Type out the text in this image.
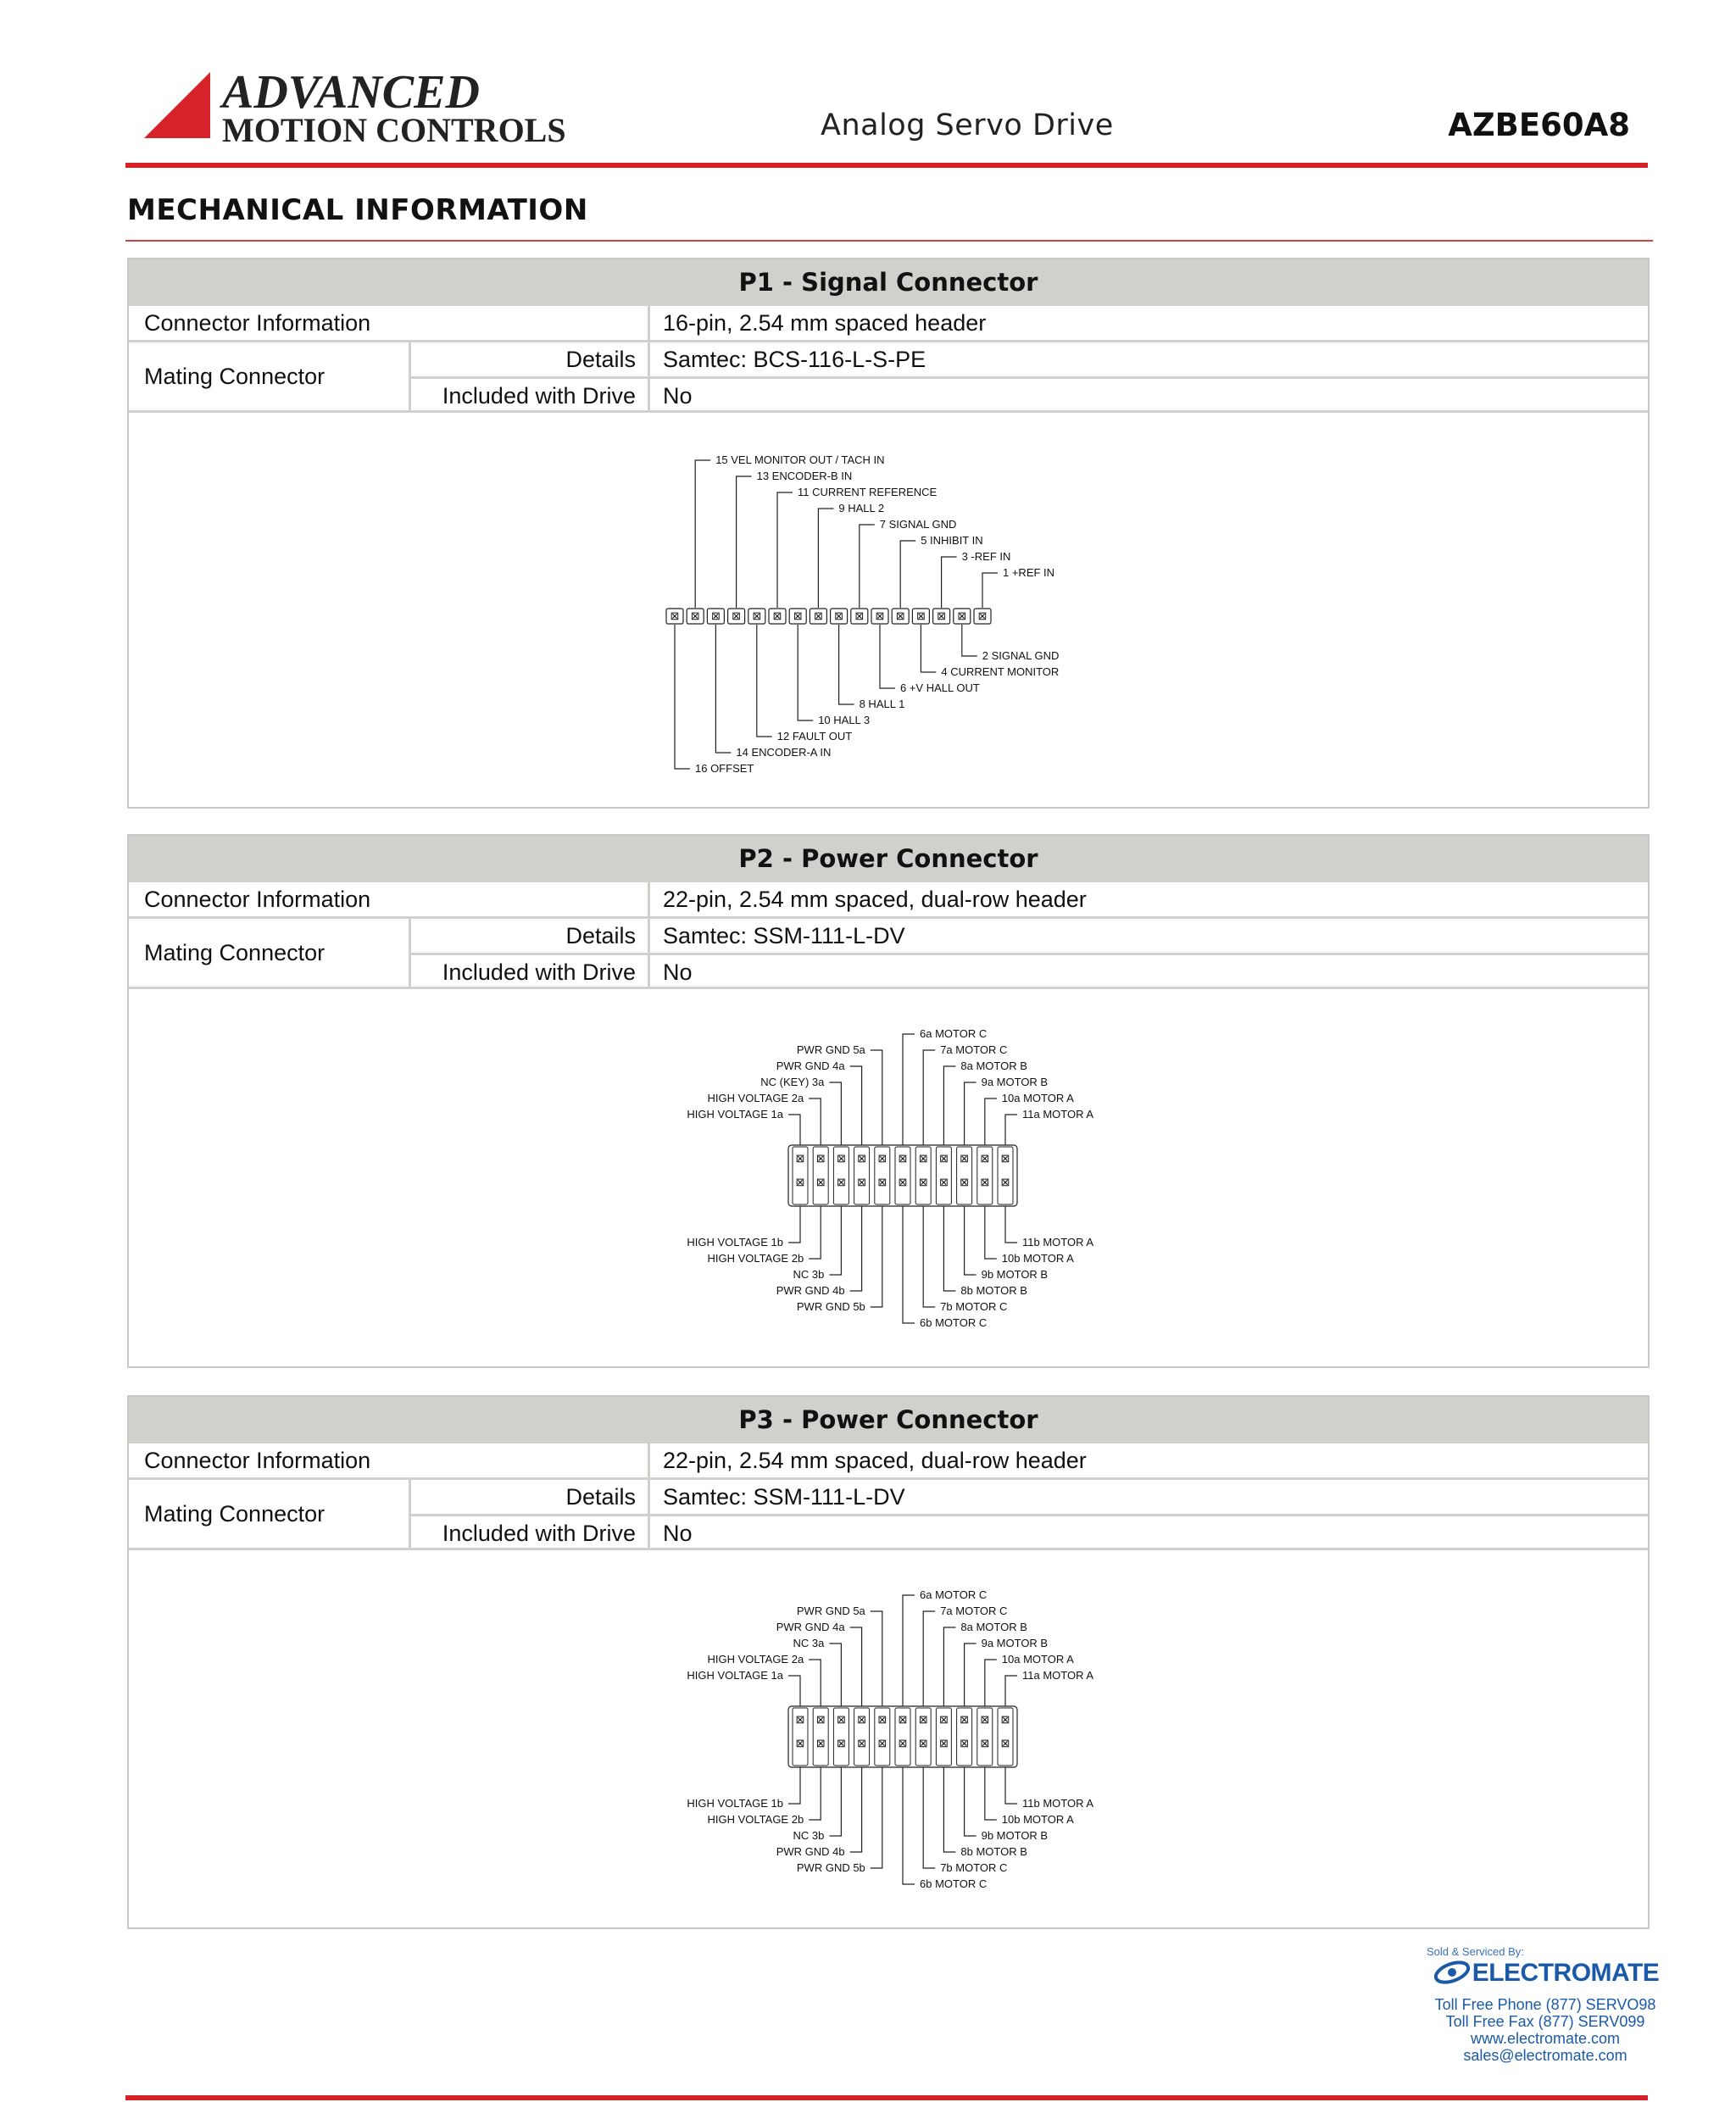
ADVANCED
MOTION CONTROLS	Analog Servo Drive	AZBE60A8
MECHANICAL INFORMATION
P1 - Signal Connector
Connector Information	16-pin, 2.54 mm spaced header
Mating Connector
Details Samtec: BCS-116-L-S-PE
Included with Drive No
⊠ ⊠ ⊠ ⊠ ⊠ ⊠ ⊠ ⊠ ⊠ ⊠ ⊠ ⊠ ⊠ ⊠ ⊠ ⊠
15 VEL MONITOR OUT / TACH IN
13 ENCODER-B IN
11 CURRENT REFERENCE
9 HALL 2
7 SIGNAL GND
5 INHIBIT IN
3 -REF IN
1 +REF IN
16 OFFSET
14 ENCODER-A IN
12 FAULT OUT
10 HALL 3
8 HALL 1
6 +V HALL OUT
4 CURRENT MONITOR
2 SIGNAL GND
P2 - Power Connector
Connector Information	22-pin, 2.54 mm spaced, dual-row header
Mating Connector
Details Samtec: SSM-111-L-DV
Included with Drive No
⊠
⊠
⊠
⊠
⊠
⊠
⊠
⊠
⊠
⊠
⊠
⊠
⊠
⊠
⊠
⊠
⊠
⊠
⊠
⊠
⊠
⊠
PWR GND 5a
PWR GND 4a
NC (KEY) 3a
HIGH VOLTAGE 2a
HIGH VOLTAGE 1a
6a MOTOR C
7a MOTOR C
8a MOTOR B
9a MOTOR B
10a MOTOR A
11a MOTOR A
HIGH VOLTAGE 1b
HIGH VOLTAGE 2b
NC 3b
PWR GND 4b
PWR GND 5b
11b MOTOR A
10b MOTOR A
9b MOTOR B
8b MOTOR B
7b MOTOR C
6b MOTOR C
P3 - Power Connector
Connector Information	22-pin, 2.54 mm spaced, dual-row header
Mating Connector
Details Samtec: SSM-111-L-DV
Included with Drive No
⊠
⊠
⊠
⊠
⊠
⊠
⊠
⊠
⊠
⊠
⊠
⊠
⊠
⊠
⊠
⊠
⊠
⊠
⊠
⊠
⊠
⊠
PWR GND 5a
PWR GND 4a
NC 3a
HIGH VOLTAGE 2a
HIGH VOLTAGE 1a
6a MOTOR C
7a MOTOR C
8a MOTOR B
9a MOTOR B
10a MOTOR A
11a MOTOR A
HIGH VOLTAGE 1b
HIGH VOLTAGE 2b
NC 3b
PWR GND 4b
PWR GND 5b
11b MOTOR A
10b MOTOR A
9b MOTOR B
8b MOTOR B
7b MOTOR C
6b MOTOR C
Sold & Serviced By:
ELECTROMATE
Toll Free Phone (877) SERVO98
Toll Free Fax (877) SERV099
www.electromate.com
sales@electromate.com
